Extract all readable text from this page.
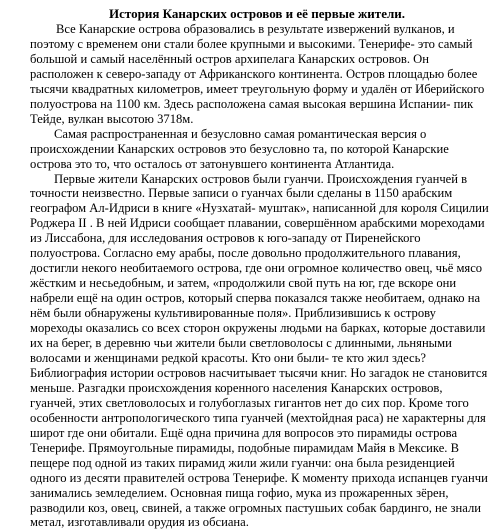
История Канарских островов и её первые жители.

Все Канарские острова образовались в результате извержений вулканов, и поэтому с временем они стали более крупными и высокими. Тенерифе- это самый большой и самый населённый остров архипелага Канарских островов. Он расположен к северо-западу от Африканского континента. Остров площадью более тысячи квадратных километров, имеет треугольную форму и удалён от Иберийского полуострова на 1100 км. Здесь расположена самая высокая вершина Испании- пик Тейде, вулкан высотою 3718м.

Самая распространенная и безусловно самая романтическая версия о происхождении Канарских островов это безусловно та, по которой Канарские острова это то, что осталось от затонувшего континента Атлантида.

Первые жители Канарских островов были гуанчи. Происхождения гуанчей в точности неизвестно. Первые записи о гуанчах были сделаны в 1150 арабским географом Ал-Идриси в книге «Нузхатай- муштак», написанной для короля Сицилии Роджера ІІ . В ней Идриси сообщает плавании, совершённом арабскими мореходами из Лиссабона, для исследования островов к юго-западу от Пиренейского полуострова. Согласно ему арабы, после довольно продолжительного плавания, достигли некого необитаемого острова, где они огромное количество овец, чьё мясо жёстким и несьедобным, и затем, «продолжили свой путь на юг, где вскоре они набрели ещё на один остров, который сперва показался также необитаем, однако на нём были обнаружены культивированные поля». Приблизившись к острову мореходы оказались со всех сторон окружены людьми на барках, которые доставили их на берег, в деревню чьи жители были светловолосы с длинными, льняными волосами и женщинами редкой красоты. Кто они были- те кто жил здесь? Библиография истории островов насчитывает тысячи книг. Но загадок не становится меньше. Разгадки происхождения коренного населения Канарских островов, гуанчей, этих светловолосых и голубоглазых гигантов нет до сих пор. Кроме того особенности антропологического типа гуанчей (мехтойдная раса) не характерны для широт где они обитали. Ещё одна причина для вопросов это пирамиды острова Тенерифе. Прямоугольные пирамиды, подобные пирамидам Майя в Мексике. В пещере под одной из таких пирамид жили жили гуанчи: она была резиденцией одного из десяти правителей острова Тенерифе. К моменту прихода испанцев гуанчи занимались земледелием. Основная пища гофио, мука из прожаренных зёрен, разводили коз, овец, свиней, а также огромных пастушьих собак бардинго, не знали метал, изготавливали орудия из обсиана.
